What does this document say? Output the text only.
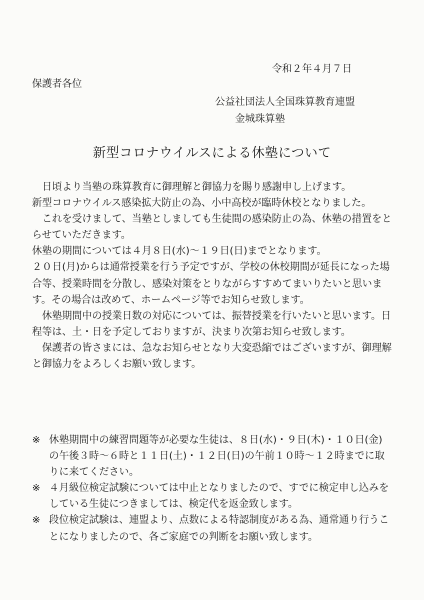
令和２年４月７日
保護者各位
公益社団法人全国珠算教育連盟
金城珠算塾
新型コロナウイルスによる休塾について

日頃より当塾の珠算教育に御理解と御協力を賜り感謝申し上げます。

新型コロナウイルス感染拡大防止の為、小中高校が臨時休校となりました。

これを受けまして、当塾としましても生徒間の感染防止の為、休塾の措置をとらせていただきます。

休塾の期間については４月８日(水)～１９日(日)までとなります。

２０日(月)からは通常授業を行う予定ですが、学校の休校期間が延長になった場合等、授業時間を分散し、感染対策をとりながらすすめてまいりたいと思います。その場合は改めて、ホームページ等でお知らせ致します。

休塾期間中の授業日数の対応については、振替授業を行いたいと思います。日程等は、土・日を予定しておりますが、決まり次第お知らせ致します。

保護者の皆さまには、急なお知らせとなり大変恐縮ではございますが、御理解と御協力をよろしくお願い致します。

※ 休塾期間中の練習問題等が必要な生徒は、８日(水)・９日(木)・１０日(金)の午後３時～６時と１１日(土)・１２日(日)の午前１０時～１２時までに取りに来てください。
※ ４月級位検定試験については中止となりましたので、すでに検定申し込みをしている生徒につきましては、検定代を返金致します。
※ 段位検定試験は、連盟より、点数による特認制度がある為、通常通り行うことになりましたので、各ご家庭での判断をお願い致します。
